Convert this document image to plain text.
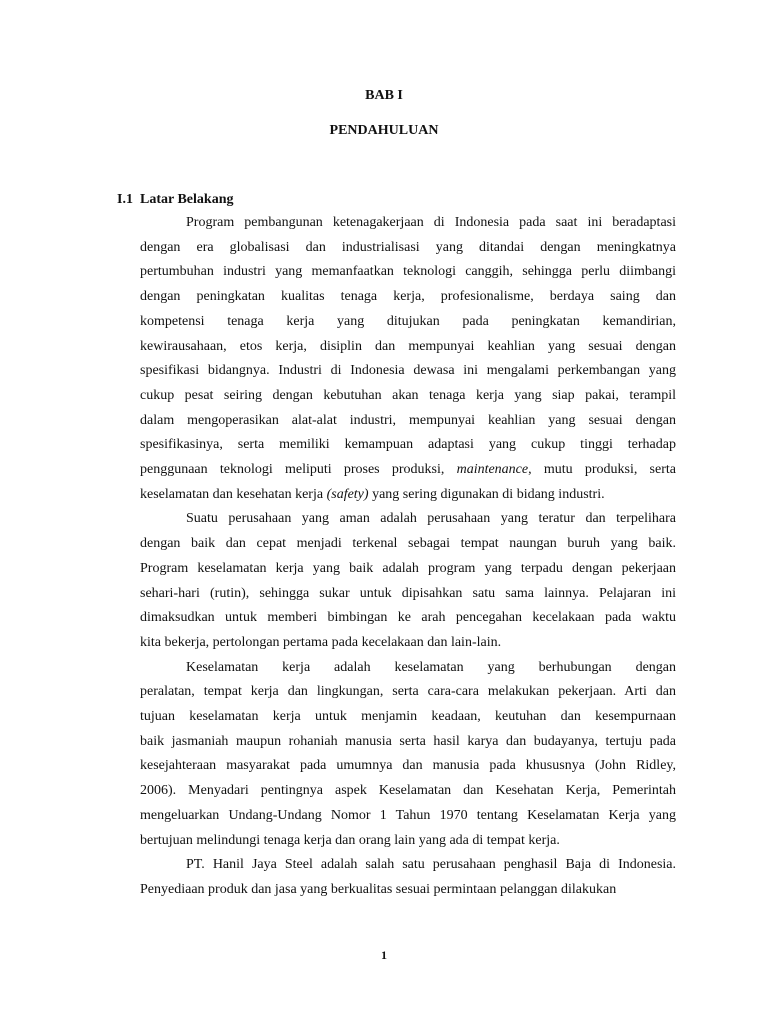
BAB I
PENDAHULUAN
I.1 Latar Belakang
Program pembangunan ketenagakerjaan di Indonesia pada saat ini beradaptasi
dengan era globalisasi dan industrialisasi yang ditandai dengan meningkatnya
pertumbuhan industri yang memanfaatkan teknologi canggih, sehingga perlu diimbangi
dengan peningkatan kualitas tenaga kerja, profesionalisme, berdaya saing dan
kompetensi tenaga kerja yang ditujukan pada peningkatan kemandirian,
kewirausahaan, etos kerja, disiplin dan mempunyai keahlian yang sesuai dengan
spesifikasi bidangnya. Industri di Indonesia dewasa ini mengalami perkembangan yang
cukup pesat seiring dengan kebutuhan akan tenaga kerja yang siap pakai, terampil
dalam mengoperasikan alat-alat industri, mempunyai keahlian yang sesuai dengan
spesifikasinya, serta memiliki kemampuan adaptasi yang cukup tinggi terhadap
penggunaan teknologi meliputi proses produksi, maintenance, mutu produksi, serta
keselamatan dan kesehatan kerja (safety) yang sering digunakan di bidang industri.
Suatu perusahaan yang aman adalah perusahaan yang teratur dan terpelihara
dengan baik dan cepat menjadi terkenal sebagai tempat naungan buruh yang baik.
Program keselamatan kerja yang baik adalah program yang terpadu dengan pekerjaan
sehari-hari (rutin), sehingga sukar untuk dipisahkan satu sama lainnya. Pelajaran ini
dimaksudkan untuk memberi bimbingan ke arah pencegahan kecelakaan pada waktu
kita bekerja, pertolongan pertama pada kecelakaan dan lain-lain.
Keselamatan kerja adalah keselamatan yang berhubungan dengan
peralatan, tempat kerja dan lingkungan, serta cara-cara melakukan pekerjaan. Arti dan
tujuan keselamatan kerja untuk menjamin keadaan, keutuhan dan kesempurnaan
baik jasmaniah maupun rohaniah manusia serta hasil karya dan budayanya, tertuju pada
kesejahteraan masyarakat pada umumnya dan manusia pada khususnya (John Ridley,
2006). Menyadari pentingnya aspek Keselamatan dan Kesehatan Kerja, Pemerintah
mengeluarkan Undang-Undang Nomor 1 Tahun 1970 tentang Keselamatan Kerja yang
bertujuan melindungi tenaga kerja dan orang lain yang ada di tempat kerja.
PT. Hanil Jaya Steel adalah salah satu perusahaan penghasil Baja di Indonesia.
Penyediaan produk dan jasa yang berkualitas sesuai permintaan pelanggan dilakukan
1
